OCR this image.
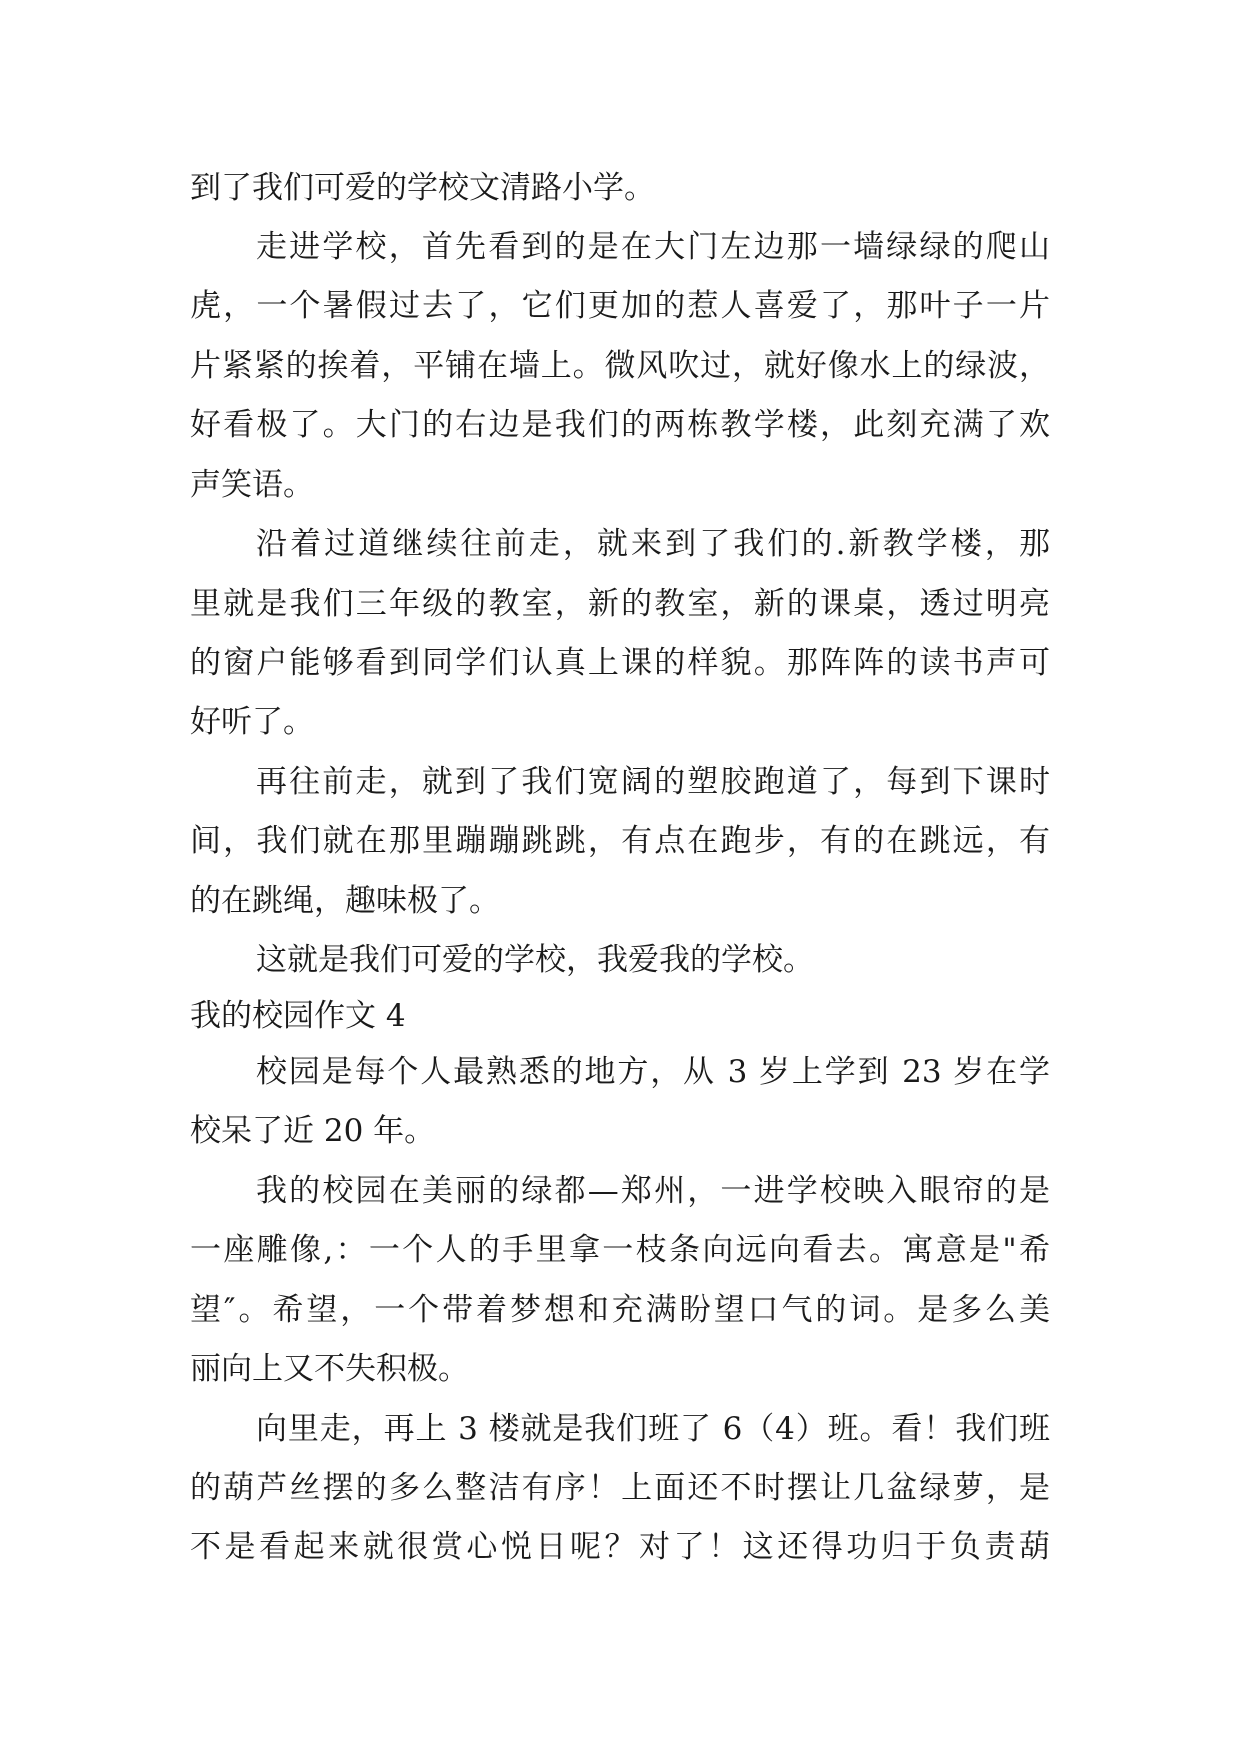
到了我们可爱的学校文清路小学。
走进学校，首先看到的是在大门左边那一墙绿绿的爬山
虎，一个暑假过去了，它们更加的惹人喜爱了，那叶子一片
片紧紧的挨着，平铺在墙上。微风吹过，就好像水上的绿波，
好看极了。大门的右边是我们的两栋教学楼，此刻充满了欢
声笑语。
沿着过道继续往前走，就来到了我们的.新教学楼，那
里就是我们三年级的教室，新的教室，新的课桌，透过明亮
的窗户能够看到同学们认真上课的样貌。那阵阵的读书声可
好听了。
再往前走，就到了我们宽阔的塑胶跑道了，每到下课时
间，我们就在那里蹦蹦跳跳，有点在跑步，有的在跳远，有
的在跳绳，趣味极了。
这就是我们可爱的学校，我爱我的学校。
我的校园作文 4
校园是每个人最熟悉的地方，从 3 岁上学到 23 岁在学
校呆了近 20 年。
我的校园在美丽的绿都—郑州，一进学校映入眼帘的是
一座雕像,：一个人的手里拿一枝条向远向看去。寓意是"希
望″。希望，一个带着梦想和充满盼望口气的词。是多么美
丽向上又不失积极。
向里走，再上 3 楼就是我们班了 6（4）班。看！我们班
的葫芦丝摆的多么整洁有序！上面还不时摆让几盆绿萝，是
不是看起来就很赏心悦日呢？对了！这还得功归于负责葫
